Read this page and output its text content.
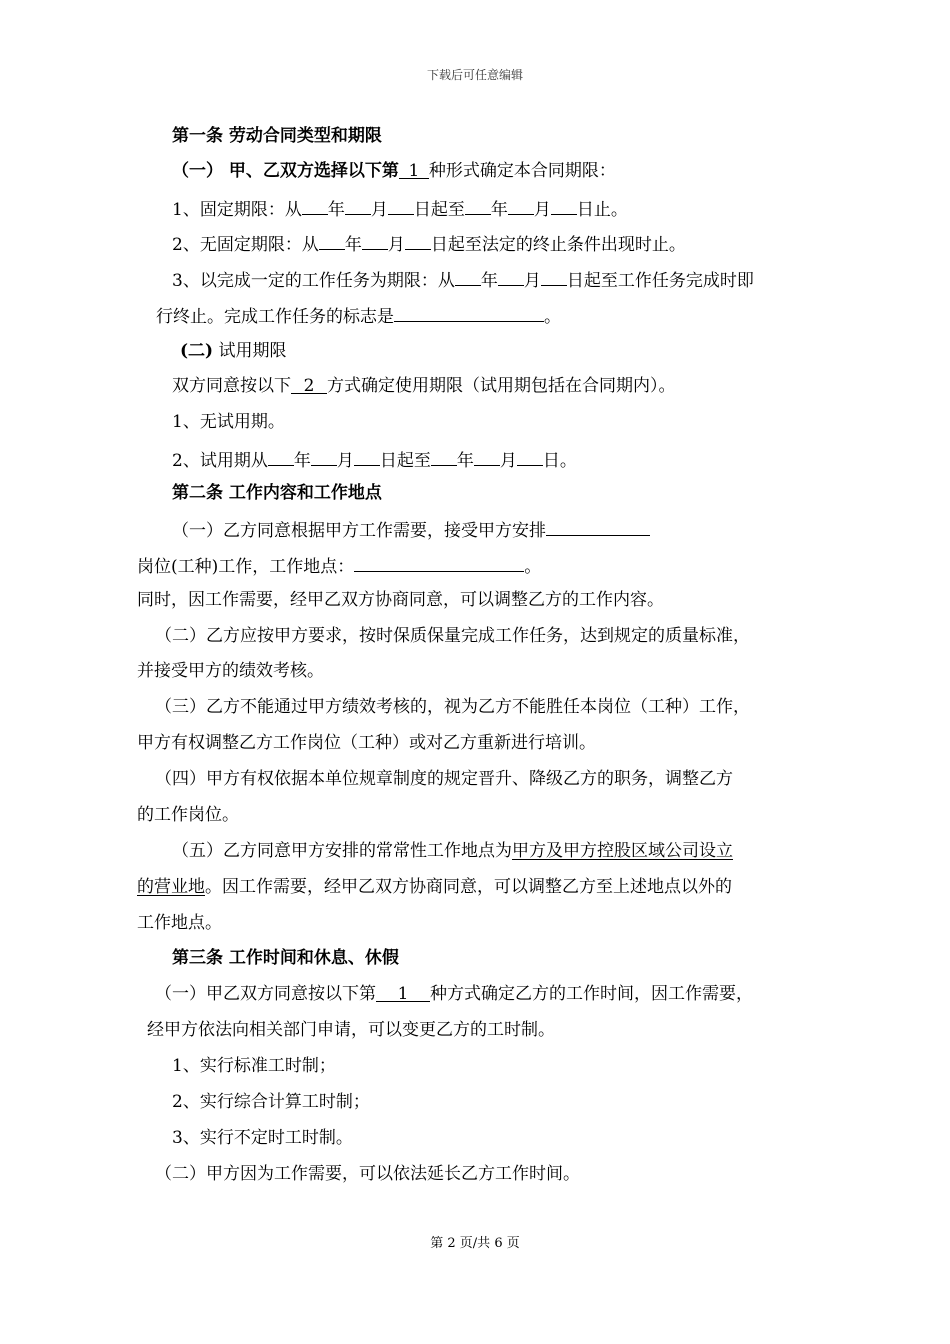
下载后可任意编辑
第一条 劳动合同类型和期限
（一） 甲、乙双方选择以下第 1 种形式确定本合同期限：
1、固定期限：从 年 月 日起至 年 月 日止。
2、无固定期限：从 年 月 日起至法定的终止条件出现时止。
3、以完成一定的工作任务为期限：从 年 月 日起至工作任务完成时即
行终止。完成工作任务的标志是	。
(二) 试用期限
双方同意按以下 2 方式确定使用期限（试用期包括在合同期内）。
1、无试用期。
2、试用期从 年 月 日起至 年 月 日。
第二条 工作内容和工作地点
（一）乙方同意根据甲方工作需要，接受甲方安排
岗位(工种)工作，工作地点：	。
同时，因工作需要，经甲乙双方协商同意，可以调整乙方的工作内容。
（二）乙方应按甲方要求，按时保质保量完成工作任务，达到规定的质量标准，
并接受甲方的绩效考核。
（三）乙方不能通过甲方绩效考核的，视为乙方不能胜任本岗位（工种）工作，
甲方有权调整乙方工作岗位（工种）或对乙方重新进行培训。
（四）甲方有权依据本单位规章制度的规定晋升、降级乙方的职务，调整乙方
的工作岗位。
（五）乙方同意甲方安排的常常性工作地点为甲方及甲方控股区域公司设立
的营业地。因工作需要，经甲乙双方协商同意，可以调整乙方至上述地点以外的
工作地点。
第三条 工作时间和休息、休假
（一）甲乙双方同意按以下第 1 种方式确定乙方的工作时间，因工作需要，
经甲方依法向相关部门申请，可以变更乙方的工时制。
1、实行标准工时制；
2、实行综合计算工时制；
3、实行不定时工时制。
（二）甲方因为工作需要，可以依法延长乙方工作时间。
第 2 页/共 6 页
